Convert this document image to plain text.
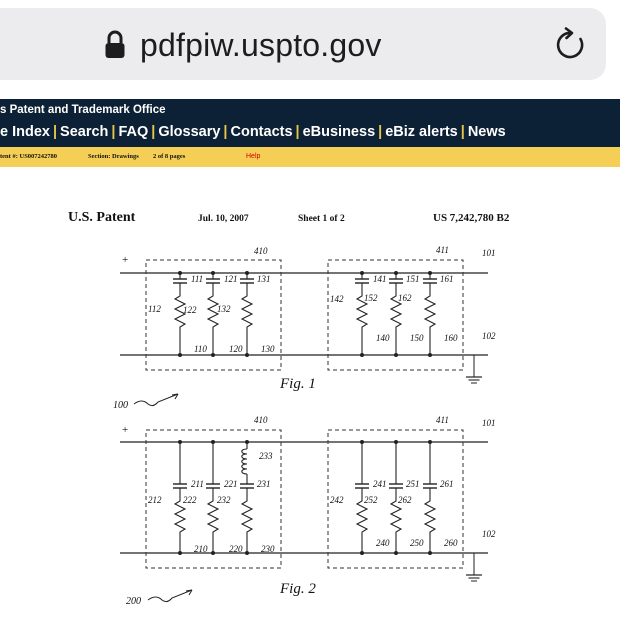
pdfpiw.uspto.gov
s Patent and Trademark Office
e Index | Search | FAQ | Glossary | Contacts | eBusiness | eBiz alerts | News
tent #: US007242780	Section: Drawings 2 of 8 pages	Help
U.S. Patent	Jul. 10, 2007	Sheet 1 of 2	US 7,242,780 B2
+
410	411	101
102
111 121 131	141 151 161
112 122 132
142 152 162
110 120 130
140 150 160
Fig. 1
100
+
410	411	101
102
233
211 221 231	241 251 261
212 222 232	242 252 262
210 220 230
240 250 260
Fig. 2
200
